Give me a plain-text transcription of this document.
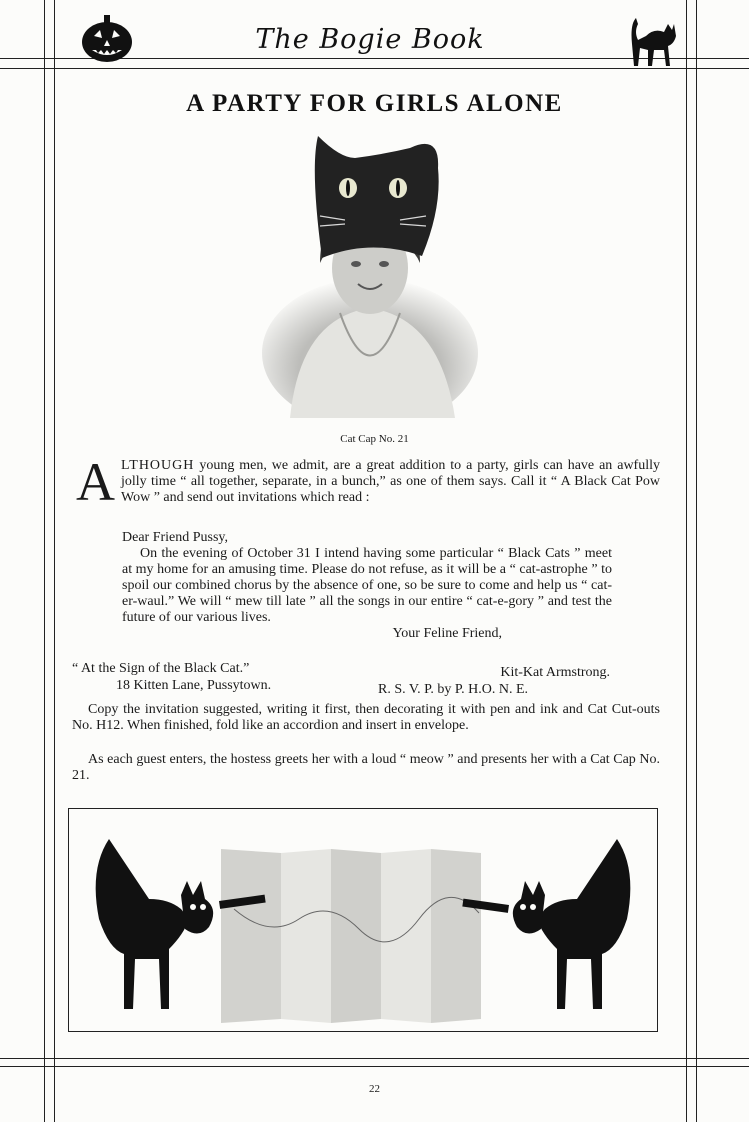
The Bogie Book
A PARTY FOR GIRLS ALONE
Cat Cap No. 21
A LTHOUGH young men, we admit, are a great addition to a party, girls can have an awfully jolly time “ all together, separate, in a bunch,” as one of them says. Call it “ A Black Cat Pow Wow ” and send out invitations which read :

Dear Friend Pussy,

On the evening of October 31 I intend having some particular “ Black Cats ” meet at my home for an amusing time. Please do not refuse, as it will be a “ cat-astrophe ” to spoil our combined chorus by the absence of one, so be sure to come and help us “ cat-er-waul.” We will “ mew till late ” all the songs in our entire “ cat-e-gory ” and test the future of our various lives.

Your Feline Friend,

“ At the Sign of the Black Cat.”
18 Kitten Lane, Pussytown.
Kit-Kat Armstrong.
R. S. V. P. by P. H.O. N. E.

Copy the invitation suggested, writing it first, then decorating it with pen and ink and Cat Cut-outs No. H12. When finished, fold like an accordion and insert in envelope.

As each guest enters, the hostess greets her with a loud “ meow ” and presents her with a Cat Cap No. 21.

22
